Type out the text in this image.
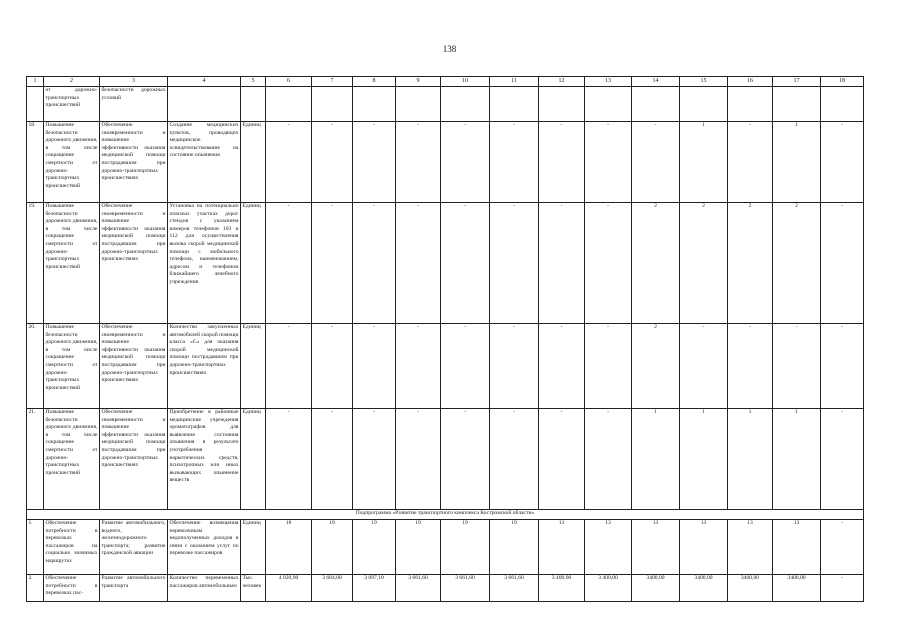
138
1	2	3	4	5	6	7	8	9	10	11	12	13	14	15	16	17	18
	от дорожно-транспортных происшествий	безопасности дорожных условий															
18.	Повышение безопасности дорожного движения, в том числе сокращение смертности от дорожно-транспортных происшествий	Обеспечение своевременности и повышение эффективности оказания медицинской помощи пострадавшим при дорожно-транспортных происшествиях	Создание медицинских пунктов, проводящих медицинское освидетельствование на состояние опьянения	Единиц	-	-	-	-	-	-	-	-	-	1	-	1	-
19.	Повышение безопасности дорожного движения, в том числе сокращение смертности от дорожно-транспортных происшествий	Обеспечение своевременности и повышение эффективности оказания медицинской помощи пострадавшим при дорожно-транспортных происшествиях	Установка на потенциально опасных участках дорог стендов с указанием номеров телефонов 103 и 112 для осуществления вызова скорой медицинской помощи с мобильного телефона, наименованием, адресом и телефоном ближайшего лечебного учреждения	Единиц	-	-	-	-	-	-	-	-	2	2	2	2	-
20.	Повышение безопасности дорожного движения, в том числе сокращение смертности от дорожно-транспортных происшествий	Обеспечение своевременности и повышение эффективности оказания медицинской помощи пострадавшим при дорожно-транспортных происшествиях	Количество закупленных автомобилей скорой помощи класса «С» для оказания скорой медицинской помощи пострадавшим при дорожно-транспортных происшествиях	Единиц	-	-	-	-	-	-	-	-	2	-	-	-	-
21.	Повышение безопасности дорожного движения, в том числе сокращение смертности от дорожно-транспортных происшествий	Обеспечение своевременности и повышение эффективности оказания медицинской помощи пострадавшим при дорожно-транспортных происшествиях	Приобретение в районные медицинские учреждения хроматографов для выявления состояния опьянения в результате употребления наркотических средств, психотропных или иных вызывающих опьянение веществ	Единиц	-	-	-	-	-	-	-	-	1	1	1	1	-
Подпрограмма «Развитие транспортного комплекса Костромской области»																	
1.	Обеспечение потребности в перевозках пассажиров на социально значимых маршрутах	Развитие автомобильного, водного, железнодорожного транспорта; развитие гражданской авиации	Обеспечение возмещения перевозчикам недополученных доходов в связи с оказанием услуг по перевозке пассажиров	Единиц	18	19	19	19	19	19	13	13	13	13	13	13	-
2.	Обеспечение потребности в перевозках пас-	Развитие автомобильного транспорта	Количество перевезенных пассажиров автомобильным	Тыс. человек	4 020,90	3 604,00	3 097,10	3 661,60	3 661,60	3 661,60	3 400,00	3 400,00	3400,00	3400,00	3400,00	3400,00	-
